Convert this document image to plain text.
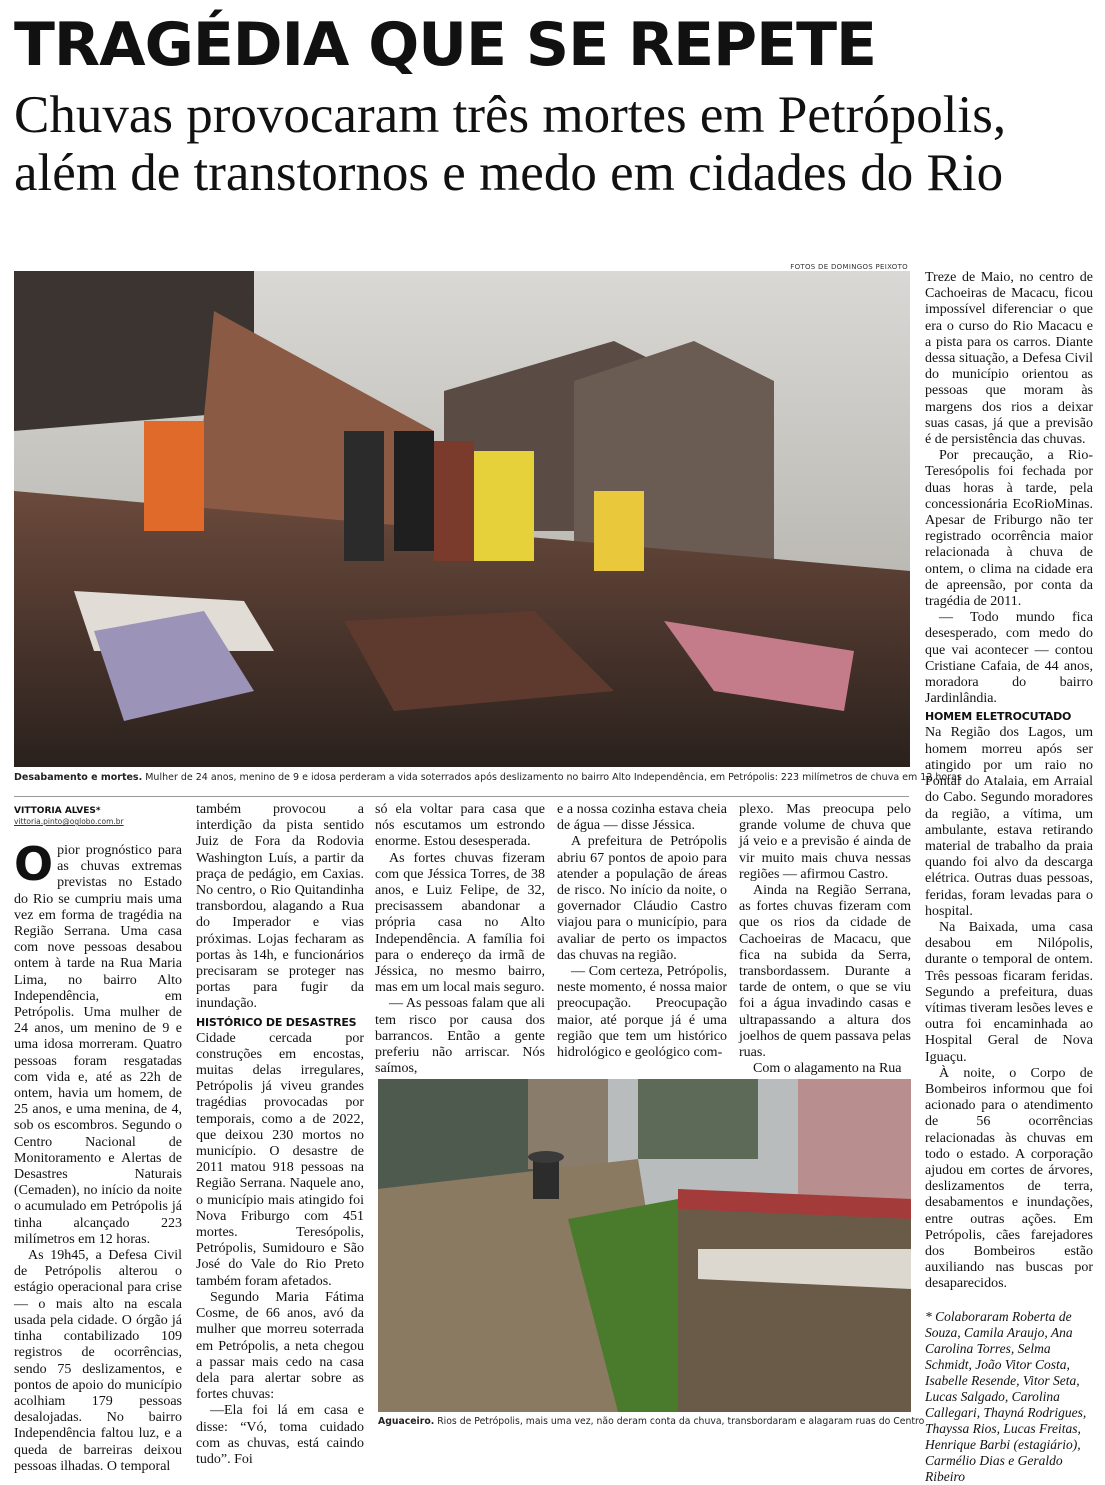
TRAGÉDIA QUE SE REPETE
Chuvas provocaram três mortes em Petrópolis,
além de transtornos e medo em cidades do Rio
FOTOS DE DOMINGOS PEIXOTO
Desabamento e mortes. Mulher de 24 anos, menino de 9 e idosa perderam a vida soterrados após deslizamento no bairro Alto Independência, em Petrópolis: 223 milímetros de chuva em 12 horas
VITTORIA ALVES*
vittoria.pinto@oglobo.com.br

O pior prognóstico para as chuvas extremas previstas no Estado do Rio se cumpriu mais uma vez em forma de tragédia na Região Serrana. Uma casa com nove pessoas desabou ontem à tarde na Rua Maria Lima, no bairro Alto Independência, em Petrópolis. Uma mulher de 24 anos, um menino de 9 e uma idosa morreram. Quatro pessoas foram resgatadas com vida e, até as 22h de ontem, havia um homem, de 25 anos, e uma menina, de 4, sob os escombros. Segundo o Centro Nacional de Monitoramento e Alertas de Desastres Naturais (Cemaden), no início da noite o acumulado em Petrópolis já tinha alcançado 223 milímetros em 12 horas.

As 19h45, a Defesa Civil de Petrópolis alterou o estágio operacional para crise — o mais alto na escala usada pela cidade. O órgão já tinha contabilizado 109 registros de ocorrências, sendo 75 deslizamentos, e pontos de apoio do município acolhiam 179 pessoas desalojadas. No bairro Independência faltou luz, e a queda de barreiras deixou pessoas ilhadas. O temporal

também provocou a interdição da pista sentido Juiz de Fora da Rodovia Washington Luís, a partir da praça de pedágio, em Caxias. No centro, o Rio Quitandinha transbordou, alagando a Rua do Imperador e vias próximas. Lojas fecharam as portas às 14h, e funcionários precisaram se proteger nas portas para fugir da inundação.

HISTÓRICO DE DESASTRES

Cidade cercada por construções em encostas, muitas delas irregulares, Petrópolis já viveu grandes tragédias provocadas por temporais, como a de 2022, que deixou 230 mortos no município. O desastre de 2011 matou 918 pessoas na Região Serrana. Naquele ano, o município mais atingido foi Nova Friburgo com 451 mortes. Teresópolis, Petrópolis, Sumidouro e São José do Vale do Rio Preto também foram afetados.

Segundo Maria Fátima Cosme, de 66 anos, avó da mulher que morreu soterrada em Petrópolis, a neta chegou a passar mais cedo na casa dela para alertar sobre as fortes chuvas:

—Ela foi lá em casa e disse: “Vó, toma cuidado com as chuvas, está caindo tudo”. Foi

só ela voltar para casa que nós escutamos um estrondo enorme. Estou desesperada.

As fortes chuvas fizeram com que Jéssica Torres, de 38 anos, e Luiz Felipe, de 32, precisassem abandonar a própria casa no Alto Independência. A família foi para o endereço da irmã de Jéssica, no mesmo bairro, mas em um local mais seguro.

— As pessoas falam que ali tem risco por causa dos barrancos. Então a gente preferiu não arriscar. Nós saímos,

e a nossa cozinha estava cheia de água — disse Jéssica.

A prefeitura de Petrópolis abriu 67 pontos de apoio para atender a população de áreas de risco. No início da noite, o governador Cláudio Castro viajou para o município, para avaliar de perto os impactos das chuvas na região.

— Com certeza, Petrópolis, neste momento, é nossa maior preocupação. Preocupação maior, até porque já é uma região que tem um histórico hidrológico e geológico com-

plexo. Mas preocupa pelo grande volume de chuva que já veio e a previsão é ainda de vir muito mais chuva nessas regiões — afirmou Castro.

Ainda na Região Serrana, as fortes chuvas fizeram com que os rios da cidade de Cachoeiras de Macacu, que fica na subida da Serra, transbordassem. Durante a tarde de ontem, o que se viu foi a água invadindo casas e ultrapassando a altura dos joelhos de quem passava pelas ruas.

Com o alagamento na Rua

Aguaceiro. Rios de Petrópolis, mais uma vez, não deram conta da chuva, transbordaram e alagaram ruas do Centro

Treze de Maio, no centro de Cachoeiras de Macacu, ficou impossível diferenciar o que era o curso do Rio Macacu e a pista para os carros. Diante dessa situação, a Defesa Civil do município orientou as pessoas que moram às margens dos rios a deixar suas casas, já que a previsão é de persistência das chuvas.

Por precaução, a Rio-Teresópolis foi fechada por duas horas à tarde, pela concessionária EcoRioMinas. Apesar de Friburgo não ter registrado ocorrência maior relacionada à chuva de ontem, o clima na cidade era de apreensão, por conta da tragédia de 2011.

— Todo mundo fica desesperado, com medo do que vai acontecer — contou Cristiane Cafaia, de 44 anos, moradora do bairro Jardinlândia.

HOMEM ELETROCUTADO

Na Região dos Lagos, um homem morreu após ser atingido por um raio no Pontal do Atalaia, em Arraial do Cabo. Segundo moradores da região, a vítima, um ambulante, estava retirando material de trabalho da praia quando foi alvo da descarga elétrica. Outras duas pessoas, feridas, foram levadas para o hospital.

Na Baixada, uma casa desabou em Nilópolis, durante o temporal de ontem. Três pessoas ficaram feridas. Segundo a prefeitura, duas vítimas tiveram lesões leves e outra foi encaminhada ao Hospital Geral de Nova Iguaçu.

À noite, o Corpo de Bombeiros informou que foi acionado para o atendimento de 56 ocorrências relacionadas às chuvas em todo o estado. A corporação ajudou em cortes de árvores, deslizamentos de terra, desabamentos e inundações, entre outras ações. Em Petrópolis, cães farejadores dos Bombeiros estão auxiliando nas buscas por desaparecidos.

* Colaboraram Roberta de Souza, Camila Araujo, Ana Carolina Torres, Selma Schmidt, João Vitor Costa, Isabelle Resende, Vitor Seta, Lucas Salgado, Carolina Callegari, Thayná Rodrigues, Thayssa Rios, Lucas Freitas, Henrique Barbi (estagiário), Carmélio Dias e Geraldo Ribeiro
